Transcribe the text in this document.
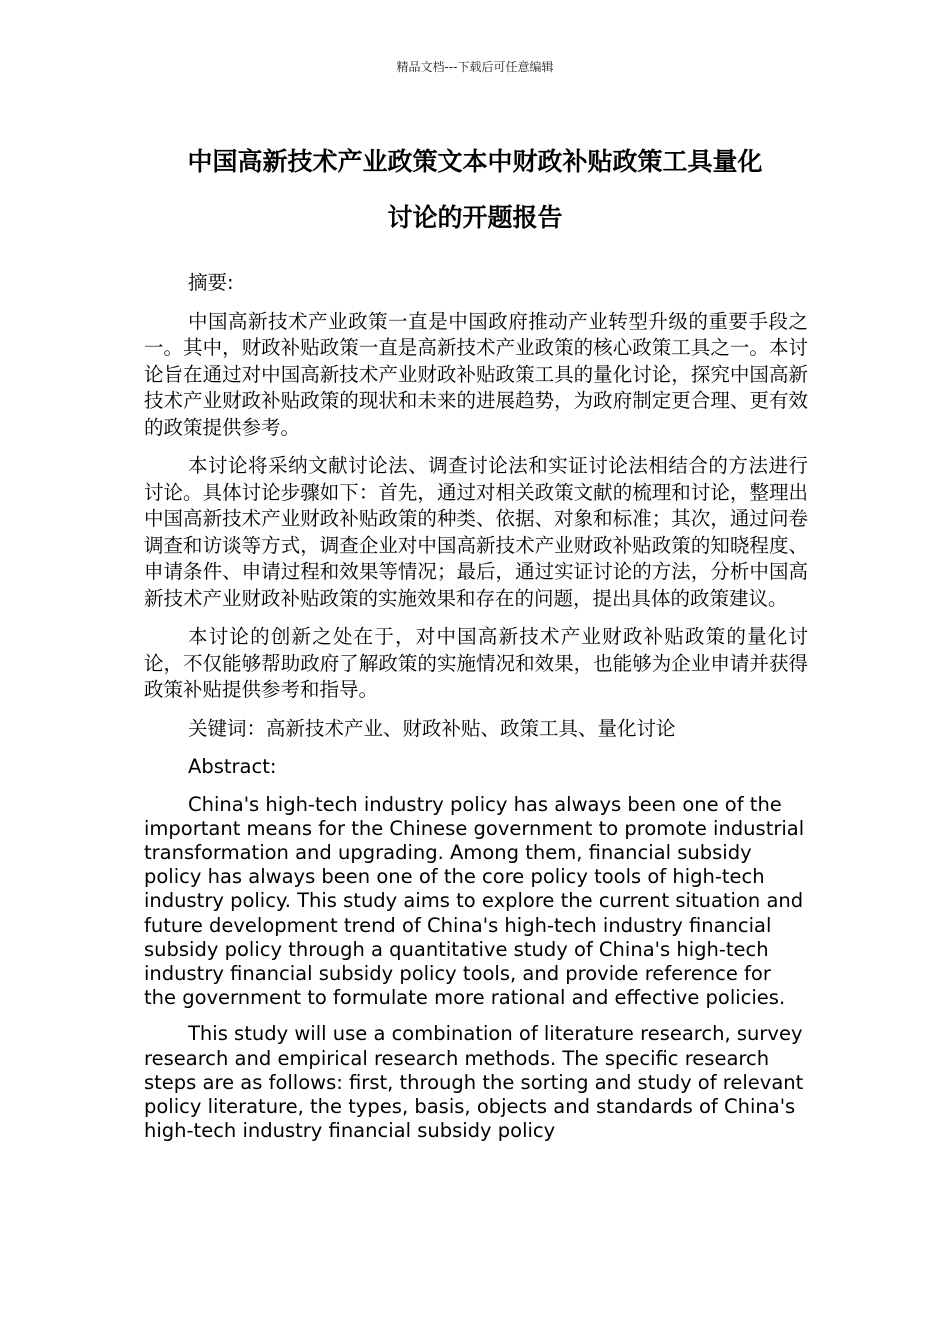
精品文档---下载后可任意编辑
中国高新技术产业政策文本中财政补贴政策工具量化
讨论的开题报告

摘要:

中国高新技术产业政策一直是中国政府推动产业转型升级的重要手段之一。其中，财政补贴政策一直是高新技术产业政策的核心政策工具之一。本讨论旨在通过对中国高新技术产业财政补贴政策工具的量化讨论，探究中国高新技术产业财政补贴政策的现状和未来的进展趋势，为政府制定更合理、更有效的政策提供参考。

本讨论将采纳文献讨论法、调查讨论法和实证讨论法相结合的方法进行讨论。具体讨论步骤如下：首先，通过对相关政策文献的梳理和讨论，整理出中国高新技术产业财政补贴政策的种类、依据、对象和标准；其次，通过问卷调查和访谈等方式，调查企业对中国高新技术产业财政补贴政策的知晓程度、申请条件、申请过程和效果等情况；最后，通过实证讨论的方法，分析中国高新技术产业财政补贴政策的实施效果和存在的问题，提出具体的政策建议。

本讨论的创新之处在于，对中国高新技术产业财政补贴政策的量化讨论，不仅能够帮助政府了解政策的实施情况和效果，也能够为企业申请并获得政策补贴提供参考和指导。

关键词：高新技术产业、财政补贴、政策工具、量化讨论

Abstract:

China's high-tech industry policy has always been one of the important means for the Chinese government to promote industrial transformation and upgrading. Among them, financial subsidy policy has always been one of the core policy tools of high-tech industry policy. This study aims to explore the current situation and future development trend of China's high-tech industry financial subsidy policy through a quantitative study of China's high-tech industry financial subsidy policy tools, and provide reference for the government to formulate more rational and effective policies.

This study will use a combination of literature research, survey research and empirical research methods. The specific research steps are as follows: first, through the sorting and study of relevant policy literature, the types, basis, objects and standards of China's high-tech industry financial subsidy policy
